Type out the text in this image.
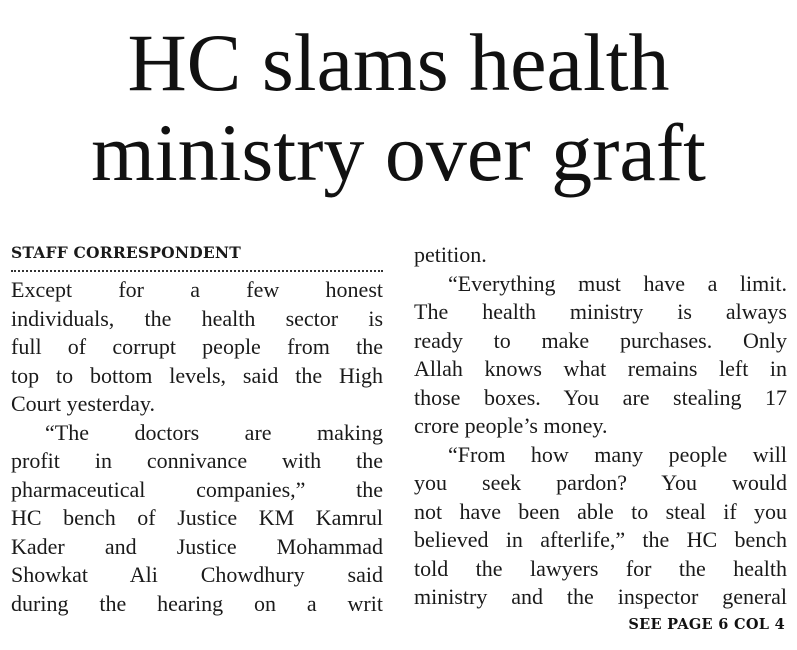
HC slams health
ministry over graft
STAFF CORRESPONDENT

Except for a few honest
individuals, the health sector is
full of corrupt people from the
top to bottom levels, said the High
Court yesterday.

“The doctors are making
profit in connivance with the
pharmaceutical companies,” the
HC bench of Justice KM Kamrul
Kader and Justice Mohammad
Showkat Ali Chowdhury said
during the hearing on a writ

petition.

“Everything must have a limit.
The health ministry is always
ready to make purchases. Only
Allah knows what remains left in
those boxes. You are stealing 17
crore people’s money.

“From how many people will
you seek pardon? You would
not have been able to steal if you
believed in afterlife,” the HC bench
told the lawyers for the health
ministry and the inspector general

SEE PAGE 6 COL 4
